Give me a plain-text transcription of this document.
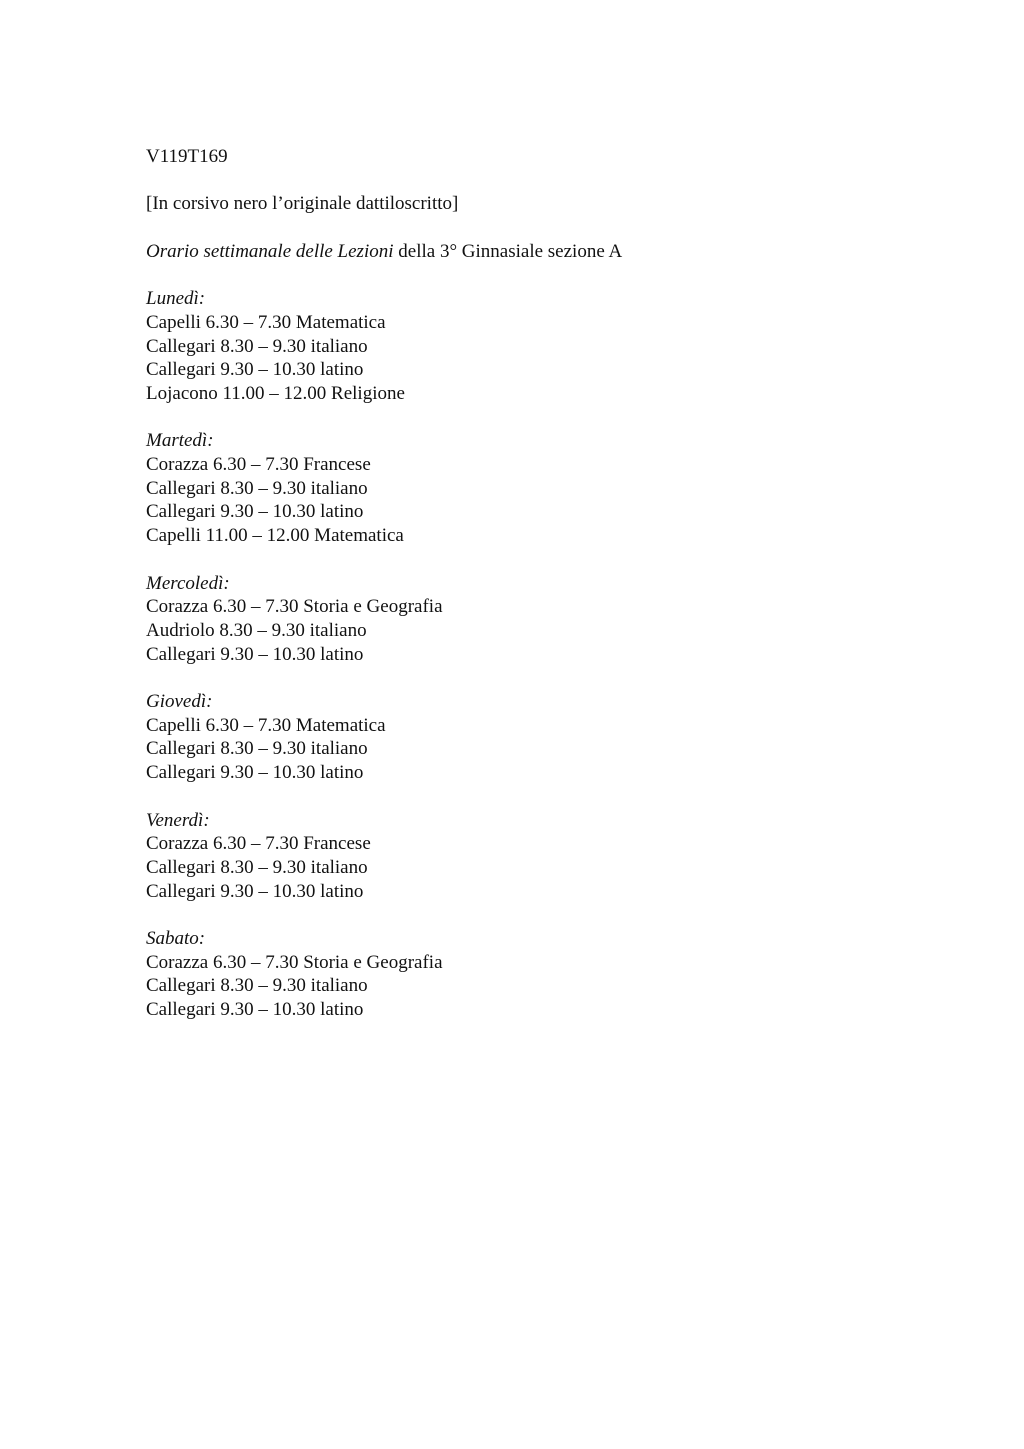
V119T169
[In corsivo nero l’originale dattiloscritto]
Orario settimanale delle Lezioni della 3° Ginnasiale sezione A
Lunedì:
Capelli 6.30 – 7.30 Matematica
Callegari 8.30 – 9.30 italiano
Callegari 9.30 – 10.30 latino
Lojacono 11.00 – 12.00 Religione
Martedì:
Corazza 6.30 – 7.30 Francese
Callegari 8.30 – 9.30 italiano
Callegari 9.30 – 10.30 latino
Capelli 11.00 – 12.00 Matematica
Mercoledì:
Corazza 6.30 – 7.30 Storia e Geografia
Audriolo 8.30 – 9.30 italiano
Callegari 9.30 – 10.30 latino
Giovedì:
Capelli 6.30 – 7.30 Matematica
Callegari 8.30 – 9.30 italiano
Callegari 9.30 – 10.30 latino
Venerdì:
Corazza 6.30 – 7.30 Francese
Callegari 8.30 – 9.30 italiano
Callegari 9.30 – 10.30 latino
Sabato:
Corazza 6.30 – 7.30 Storia e Geografia
Callegari 8.30 – 9.30 italiano
Callegari 9.30 – 10.30 latino
